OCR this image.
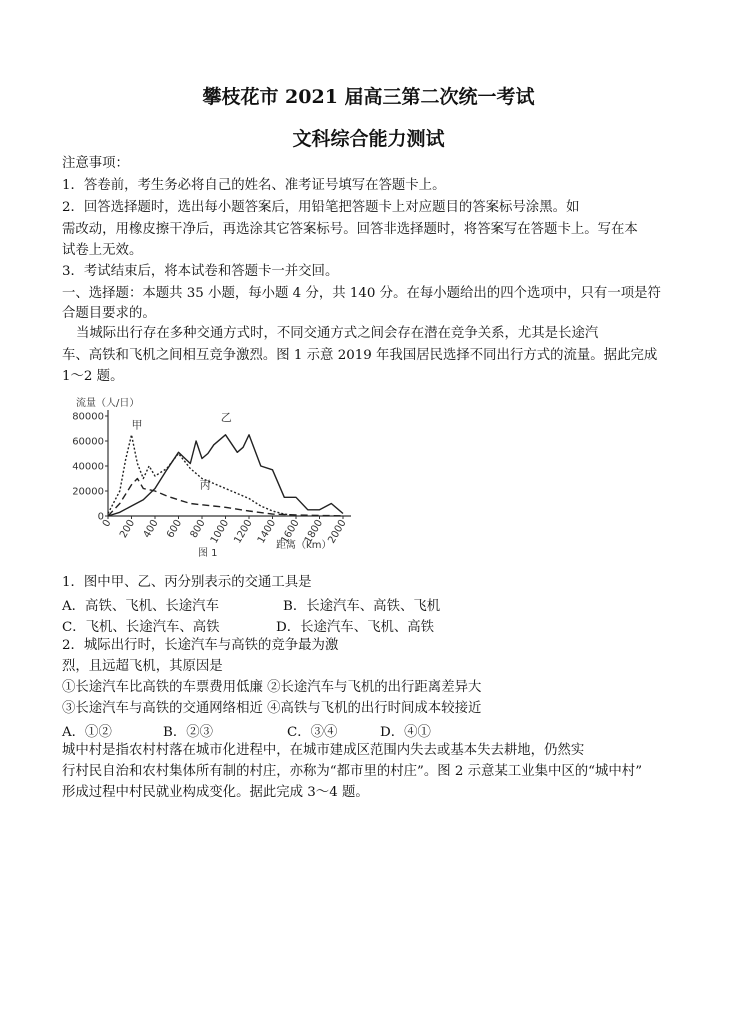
攀枝花市 2021 届高三第二次统一考试
文科综合能力测试
注意事项：
1．答卷前，考生务必将自己的姓名、准考证号填写在答题卡上。
2．回答选择题时，选出每小题答案后，用铅笔把答题卡上对应题目的答案标号涂黑。如
需改动，用橡皮擦干净后，再选涂其它答案标号。回答非选择题时，将答案写在答题卡上。写在本
试卷上无效。
3．考试结束后，将本试卷和答题卡一并交回。
一、选择题：本题共 35 小题，每小题 4 分，共 140 分。在每小题给出的四个选项中，只有一项是符
合题目要求的。
当城际出行存在多种交通方式时，不同交通方式之间会存在潜在竞争关系，尤其是长途汽
车、高铁和飞机之间相互竞争激烈。图 1 示意 2019 年我国居民选择不同出行方式的流量。据此完成
1～2 题。
流量（人/日）
80000
60000
40000
20000
0
0 200 400 600 800 1000 1200 1400 1600 1800 2000
距离（km）
图 1
甲
乙
丙
1．图中甲、乙、丙分别表示的交通工具是
A．高铁、飞机、长途汽车	B．长途汽车、高铁、飞机
C．飞机、长途汽车、高铁	D．长途汽车、飞机、高铁
2．城际出行时，长途汽车与高铁的竞争最为激
烈，且远超飞机，其原因是
①长途汽车比高铁的车票费用低廉 ②长途汽车与飞机的出行距离差异大
③长途汽车与高铁的交通网络相近 ④高铁与飞机的出行时间成本较接近
A．①②	B．②③	C．③④	D．④①
城中村是指农村村落在城市化进程中，在城市建成区范围内失去或基本失去耕地，仍然实
行村民自治和农村集体所有制的村庄，亦称为“都市里的村庄”。图 2 示意某工业集中区的“城中村”
形成过程中村民就业构成变化。据此完成 3～4 题。
